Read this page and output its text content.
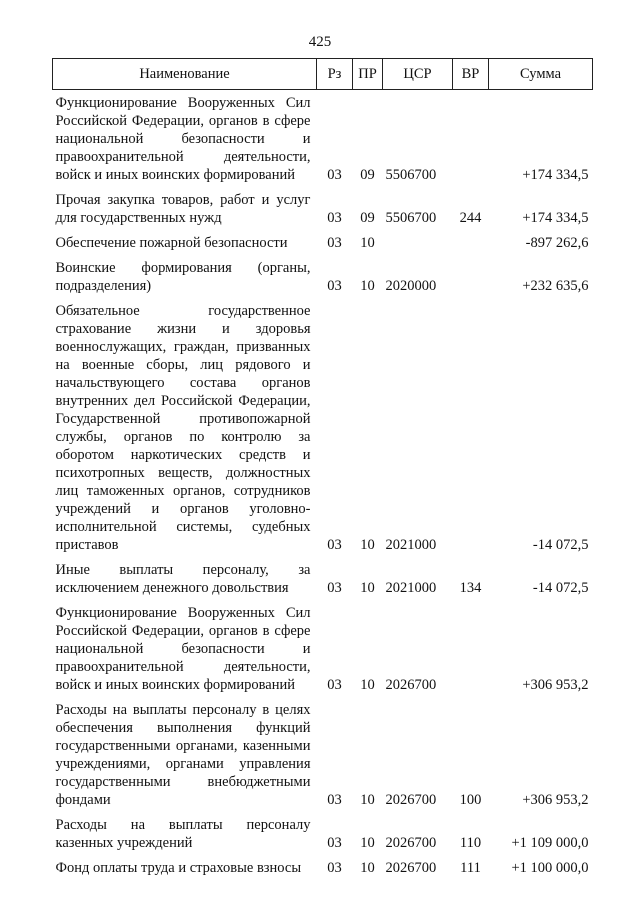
425
Наименование	Рз	ПР	ЦСР	ВР	Сумма
Функционирование Вооруженных Сил Российской Федерации, органов в сфере национальной безопасности и правоохранительной деятельности, войск и иных воинских формирований	03	09	5506700		+174 334,5
Прочая закупка товаров, работ и услуг для государственных нужд	03	09	5506700	244	+174 334,5
Обеспечение пожарной безопасности	03	10			-897 262,6
Воинские формирования (органы, подразделения)	03	10	2020000		+232 635,6
Обязательное государственное страхование жизни и здоровья военнослужащих, граждан, призванных на военные сборы, лиц рядового и начальствующего состава органов внутренних дел Российской Федерации, Государственной противопожарной службы, органов по контролю за оборотом наркотических средств и психотропных веществ, должностных лиц таможенных органов, сотрудников учреждений и органов уголовно-исполнительной системы, судебных приставов	03	10	2021000		-14 072,5
Иные выплаты персоналу, за исключением денежного довольствия	03	10	2021000	134	-14 072,5
Функционирование Вооруженных Сил Российской Федерации, органов в сфере национальной безопасности и правоохранительной деятельности, войск и иных воинских формирований	03	10	2026700		+306 953,2
Расходы на выплаты персоналу в целях обеспечения выполнения функций государственными органами, казенными учреждениями, органами управления государственными внебюджетными фондами	03	10	2026700	100	+306 953,2
Расходы на выплаты персоналу казенных учреждений	03	10	2026700	110	+1 109 000,0
Фонд оплаты труда и страховые взносы	03	10	2026700	111	+1 100 000,0
